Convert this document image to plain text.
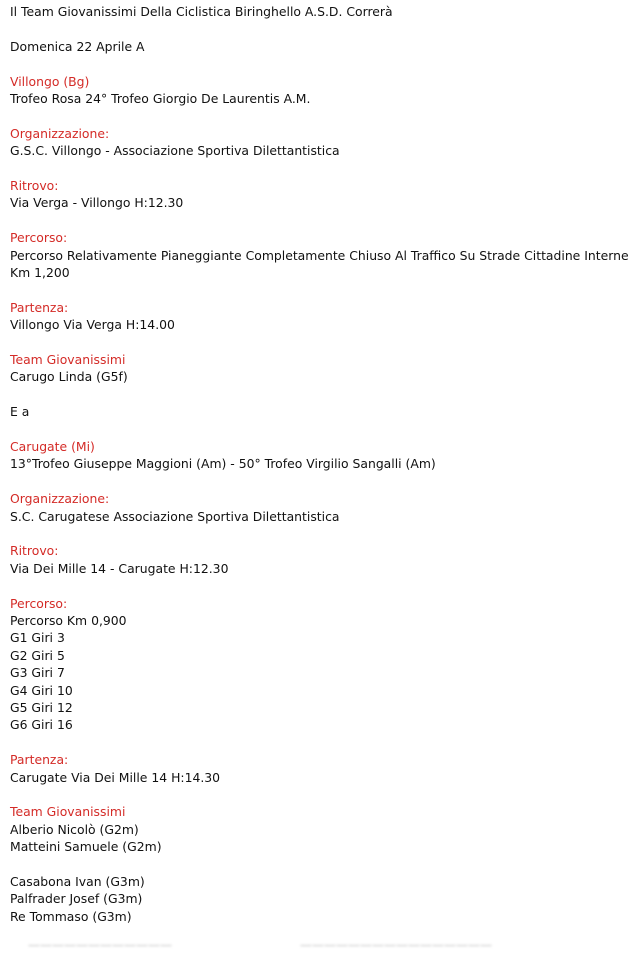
Il Team Giovanissimi Della Ciclistica Biringhello A.S.D. Correrà
Domenica 22 Aprile A
Villongo (Bg)
Trofeo Rosa 24° Trofeo Giorgio De Laurentis A.M.
Organizzazione:
G.S.C. Villongo - Associazione Sportiva Dilettantistica
Ritrovo:
Via Verga - Villongo H:12.30
Percorso:
Percorso Relativamente Pianeggiante Completamente Chiuso Al Traffico Su Strade Cittadine Interne
Km 1,200
Partenza:
Villongo Via Verga H:14.00
Team Giovanissimi
Carugo Linda (G5f)
E a
Carugate (Mi)
13°Trofeo Giuseppe Maggioni (Am) - 50° Trofeo Virgilio Sangalli (Am)
Organizzazione:
S.C. Carugatese Associazione Sportiva Dilettantistica
Ritrovo:
Via Dei Mille 14 - Carugate H:12.30
Percorso:
Percorso Km 0,900
G1 Giri 3
G2 Giri 5
G3 Giri 7
G4 Giri 10
G5 Giri 12
G6 Giri 16
Partenza:
Carugate Via Dei Mille 14 H:14.30
Team Giovanissimi
Alberio Nicolò (G2m)
Matteini Samuele (G2m)
Casabona Ivan (G3m)
Palfrader Josef (G3m)
Re Tommaso (G3m)
————————————	————————————————
